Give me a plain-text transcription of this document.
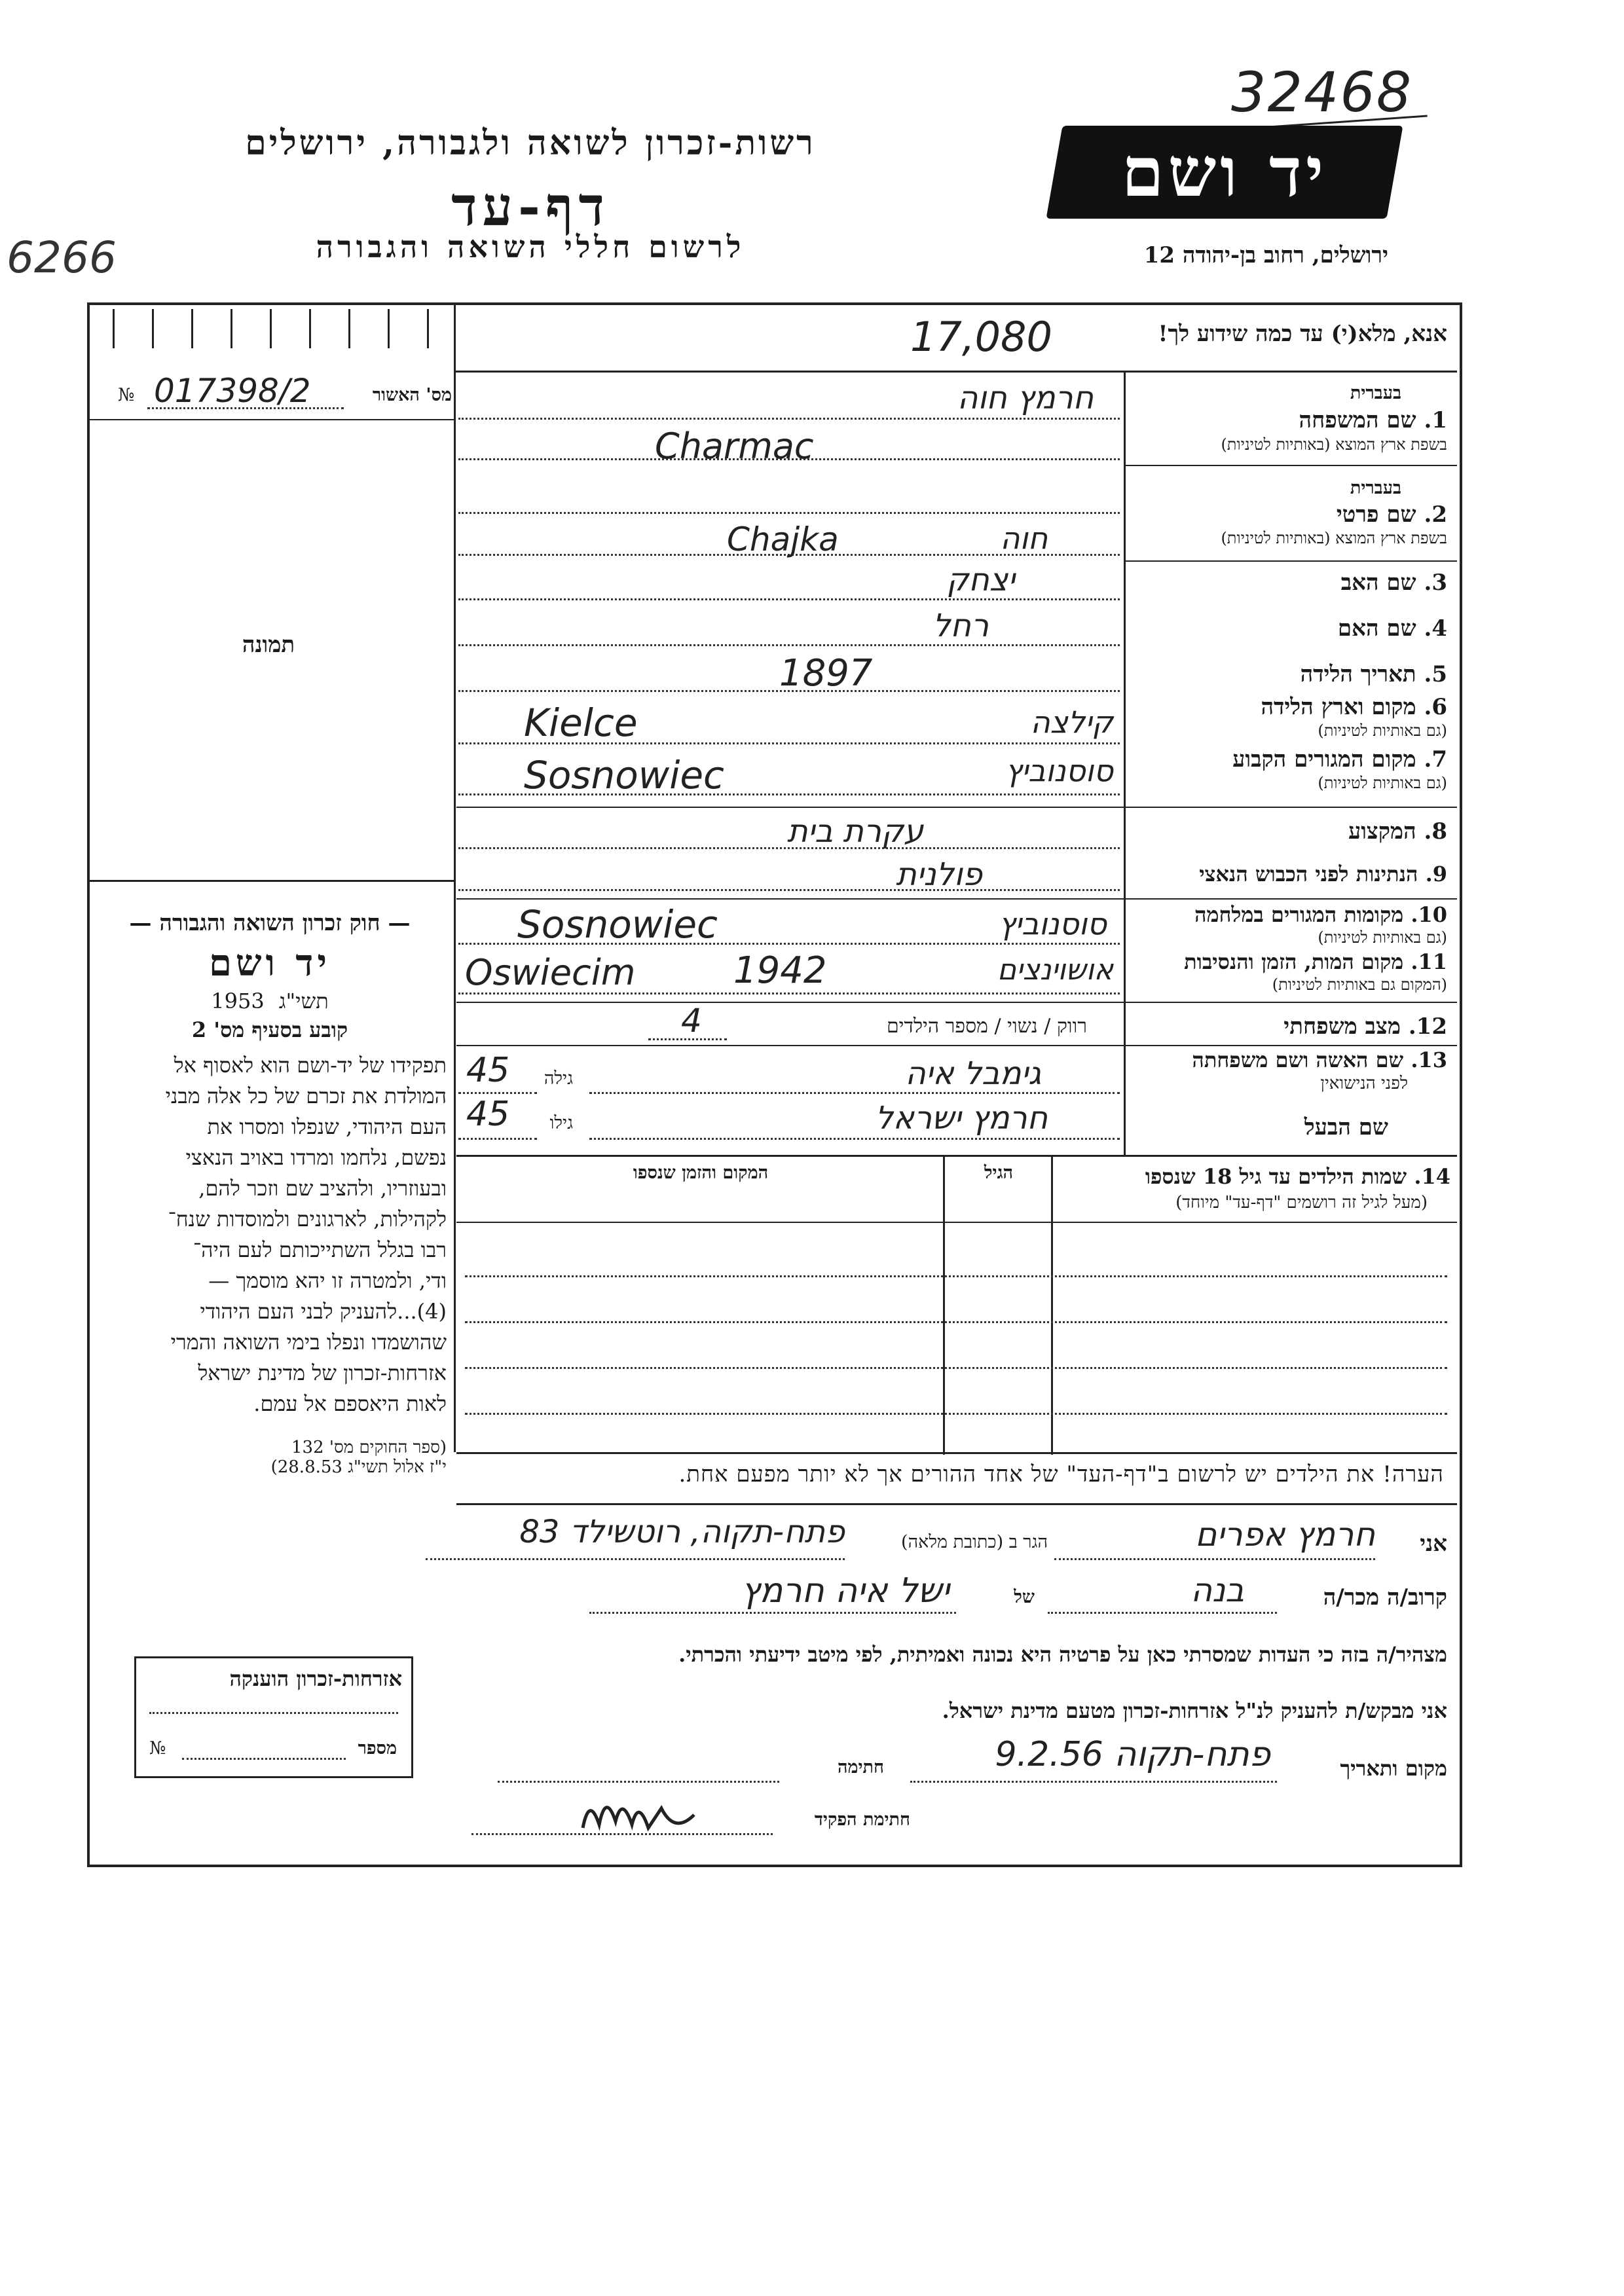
32468
רשות-זכרון לשואה ולגבורה, ירושלים
דף-עד
לרשום חללי השואה והגבורה
יד ושם
ירושלים, רחוב בן-יהודה 12
6266
אנא, מלא(י) עד כמה שידוע לך!
17,080
מס' האשור
№ 017398/2
תמונה
— חוק זכרון השואה והגבורה —
יד ושם
תשי"ג 1953
קובע בסעיף מס' 2

תפקידו של יד-ושם הוא לאסוף אל

המולדת את זכרם של כל אלה מבני

העם היהודי, שנפלו ומסרו את

נפשם, נלחמו ומרדו באויב הנאצי

ובעוזריו, ולהציב שם וזכר להם,

לקהילות, לארגונים ולמוסדות שנח־

רבו בגלל השתייכותם לעם היה־

ודי, ולמטרה זו יהא מוסמך —

(4)...להעניק לבני העם היהודי

שהושמדו ונפלו בימי השואה והמרי

אזרחות-זכרון של מדינת ישראל

לאות היאספם אל עמם.

(ספר החוקים מס' 132
י"ז אלול תשי"ג 28.8.53)
בעברית
1. שם המשפחה
בשפת ארץ המוצא (באותיות לטיניות)
חרמץ חוה
Charmac
בעברית
2. שם פרטי
בשפת ארץ המוצא (באותיות לטיניות)
חוה
Chajka
3. שם האב
יצחק
4. שם האם
רחל
5. תאריך הלידה
1897
6. מקום וארץ הלידה
(גם באותיות לטיניות)
Kielce	קילצה
7. מקום המגורים הקבוע
(גם באותיות לטיניות)
Sosnowiec	סוסנוביץ
8. המקצוע
עקרת בית
9. הנתינות לפני הכבוש הנאצי
פולנית
10. מקומות המגורים במלחמה
(גם באותיות לטיניות)
Sosnowiec	סוסנוביץ
11. מקום המות, הזמן והנסיבות
(המקום גם באותיות לטיניות)
Oswiecim	1942	אושוינצים
12. מצב משפחתי
רווק / נשוי / מספר הילדים
4
13. שם האשה ושם משפחתה
לפני הנישואין
גילה
45	גימבל איה
שם הבעל
גילו
45	חרמץ ישראל
14. שמות הילדים עד גיל 18 שנספו
(מעל לגיל זה רושמים "דף-עד" מיוחד)
הגיל
המקום והזמן שנספו
הערה! את הילדים יש לרשום ב"דף-העד" של אחד ההורים אך לא יותר מפעם אחת.
אני
חרמץ אפרים
הגר ב (כתובת מלאה)
פתח-תקוה, רוטשילד 83
קרוב/ה מכר/ה
בנה
של
ישל איה חרמץ
מצהיר/ה בזה כי העדות שמסרתי כאן על פרטיה היא נכונה ואמיתית, לפי מיטב ידיעתי והכרתי.
אני מבקש/ת להעניק לנ"ל אזרחות-זכרון מטעם מדינת ישראל.
מקום ותאריך
פתח-תקוה 9.2.56
חתימה
חתימת הפקיד
אזרחות-זכרון הוענקה
מספר
№
